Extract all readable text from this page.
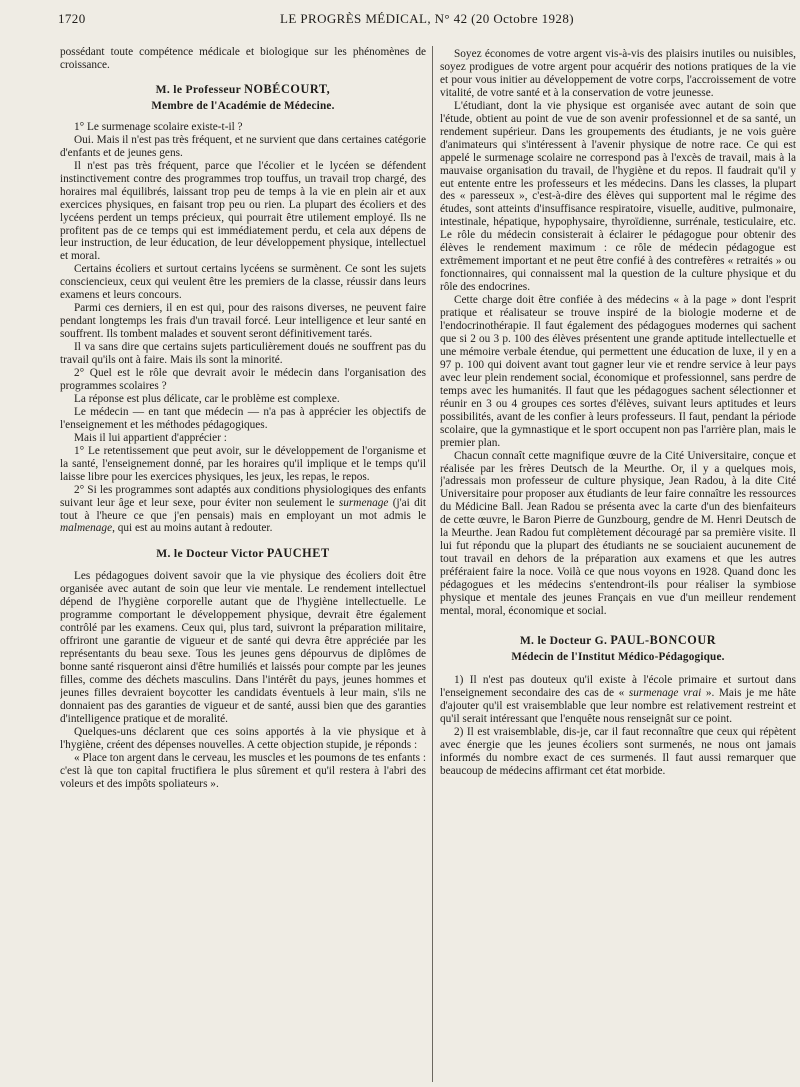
1720	LE PROGRÈS MÉDICAL, N° 42 (20 Octobre 1928)

possédant toute compétence médicale et biologique sur les phénomènes de croissance.

M. le Professeur NOBÉCOURT,
Membre de l'Académie de Médecine.

1° Le surmenage scolaire existe-t-il ?

Oui. Mais il n'est pas très fréquent, et ne survient que dans certaines catégorie d'enfants et de jeunes gens.

Il n'est pas très fréquent, parce que l'écolier et le lycéen se défendent instinctivement contre des programmes trop touffus, un travail trop chargé, des horaires mal équilibrés, laissant trop peu de temps à la vie en plein air et aux exercices physiques, en faisant trop peu ou rien. La plupart des écoliers et des lycéens perdent un temps précieux, qui pourrait être utilement employé. Ils ne profitent pas de ce temps qui est immédiatement perdu, et cela aux dépens de leur instruction, de leur éducation, de leur développement physique, intellectuel et moral.

Certains écoliers et surtout certains lycéens se surmènent. Ce sont les sujets consciencieux, ceux qui veulent être les premiers de la classe, réussir dans leurs examens et leurs concours.

Parmi ces derniers, il en est qui, pour des raisons diverses, ne peuvent faire pendant longtemps les frais d'un travail forcé. Leur intelligence et leur santé en souffrent. Ils tombent malades et souvent seront définitivement tarés.

Il va sans dire que certains sujets particulièrement doués ne souffrent pas du travail qu'ils ont à faire. Mais ils sont la minorité.

2° Quel est le rôle que devrait avoir le médecin dans l'organisation des programmes scolaires ?

La réponse est plus délicate, car le problème est complexe.

Le médecin — en tant que médecin — n'a pas à apprécier les objectifs de l'enseignement et les méthodes pédagogiques.

Mais il lui appartient d'apprécier :

1° Le retentissement que peut avoir, sur le développement de l'organisme et la santé, l'enseignement donné, par les horaires qu'il implique et le temps qu'il laisse libre pour les exercices physiques, les jeux, les repas, le repos.

2° Si les programmes sont adaptés aux conditions physiologiques des enfants suivant leur âge et leur sexe, pour éviter non seulement le surmenage (j'ai dit tout à l'heure ce que j'en pensais) mais en employant un mot admis le malmenage, qui est au moins autant à redouter.

M. le Docteur Victor PAUCHET

Les pédagogues doivent savoir que la vie physique des écoliers doit être organisée avec autant de soin que leur vie mentale. Le rendement intellectuel dépend de l'hygiène corporelle autant que de l'hygiène intellectuelle. Le programme comportant le développement physique, devrait être également contrôlé par les examens. Ceux qui, plus tard, suivront la préparation militaire, offriront une garantie de vigueur et de santé qui devra être appréciée par les représentants du beau sexe. Tous les jeunes gens dépourvus de diplômes de bonne santé risqueront ainsi d'être humiliés et laissés pour compte par les jeunes filles, comme des déchets masculins. Dans l'intérêt du pays, jeunes hommes et jeunes filles devraient boycotter les candidats éventuels à leur main, s'ils ne donnaient pas des garanties de vigueur et de santé, aussi bien que des garanties d'intelligence pratique et de moralité.

Quelques-uns déclarent que ces soins apportés à la vie physique et à l'hygiène, créent des dépenses nouvelles. A cette objection stupide, je réponds :

« Place ton argent dans le cerveau, les muscles et les poumons de tes enfants : c'est là que ton capital fructifiera le plus sûrement et qu'il restera à l'abri des voleurs et des impôts spoliateurs ».

Soyez économes de votre argent vis-à-vis des plaisirs inutiles ou nuisibles, soyez prodigues de votre argent pour acquérir des notions pratiques de la vie et pour vous initier au développement de votre corps, l'accroissement de votre vitalité, de votre santé et à la conservation de votre jeunesse.

L'étudiant, dont la vie physique est organisée avec autant de soin que l'étude, obtient au point de vue de son avenir professionnel et de sa santé, un rendement supérieur. Dans les groupements des étudiants, je ne vois guère d'animateurs qui s'intéressent à l'avenir physique de notre race. Ce qui est appelé le surmenage scolaire ne correspond pas à l'excès de travail, mais à la mauvaise organisation du travail, de l'hygiène et du repos. Il faudrait qu'il y eut entente entre les professeurs et les médecins. Dans les classes, la plupart des « paresseux », c'est-à-dire des élèves qui supportent mal le régime des études, sont atteints d'insuffisance respiratoire, visuelle, auditive, pulmonaire, intestinale, hépatique, hypophysaire, thyroïdienne, surrénale, testiculaire, etc. Le rôle du médecin consisterait à éclairer le pédagogue pour obtenir des élèves le rendement maximum : ce rôle de médecin pédagogue est extrêmement important et ne peut être confié à des contrefères « retraités » ou fonctionnaires, qui connaissent mal la question de la culture physique et du rôle des endocrines.

Cette charge doit être confiée à des médecins « à la page » dont l'esprit pratique et réalisateur se trouve inspiré de la biologie moderne et de l'endocrinothérapie. Il faut également des pédagogues modernes qui sachent que si 2 ou 3 p. 100 des élèves présentent une grande aptitude intellectuelle et une mémoire verbale étendue, qui permettent une éducation de luxe, il y en a 97 p. 100 qui doivent avant tout gagner leur vie et rendre service à leur pays avec leur plein rendement social, économique et professionnel, sans perdre de temps avec les humanités. Il faut que les pédagogues sachent sélectionner et réunir en 3 ou 4 groupes ces sortes d'élèves, suivant leurs aptitudes et leurs possibilités, avant de les confier à leurs professeurs. Il faut, pendant la période scolaire, que la gymnastique et le sport occupent non pas l'arrière plan, mais le premier plan.

Chacun connaît cette magnifique œuvre de la Cité Universitaire, conçue et réalisée par les frères Deutsch de la Meurthe. Or, il y a quelques mois, j'adressais mon professeur de culture physique, Jean Radou, à la dite Cité Universitaire pour proposer aux étudiants de leur faire connaître les ressources du Médicine Ball. Jean Radou se présenta avec la carte d'un des bienfaiteurs de cette œuvre, le Baron Pierre de Gunzbourg, gendre de M. Henri Deutsch de la Meurthe. Jean Radou fut complètement découragé par sa première visite. Il lui fut répondu que la plupart des étudiants ne se souciaient aucunement de tout travail en dehors de la préparation aux examens et que les autres préféraient faire la noce. Voilà ce que nous voyons en 1928. Quand donc les pédagogues et les médecins s'entendront-ils pour réaliser la symbiose physique et mentale des jeunes Français en vue d'un meilleur rendement mental, moral, économique et social.

M. le Docteur G. PAUL-BONCOUR
Médecin de l'Institut Médico-Pédagogique.

1) Il n'est pas douteux qu'il existe à l'école primaire et surtout dans l'enseignement secondaire des cas de « surmenage vrai ». Mais je me hâte d'ajouter qu'il est vraisemblable que leur nombre est relativement restreint et qu'il serait intéressant que l'enquête nous renseignât sur ce point.

2) Il est vraisemblable, dis-je, car il faut reconnaître que ceux qui répètent avec énergie que les jeunes écoliers sont surmenés, ne nous ont jamais informés du nombre exact de ces surmenés. Il faut aussi remarquer que beaucoup de médecins affirmant cet état morbide.
